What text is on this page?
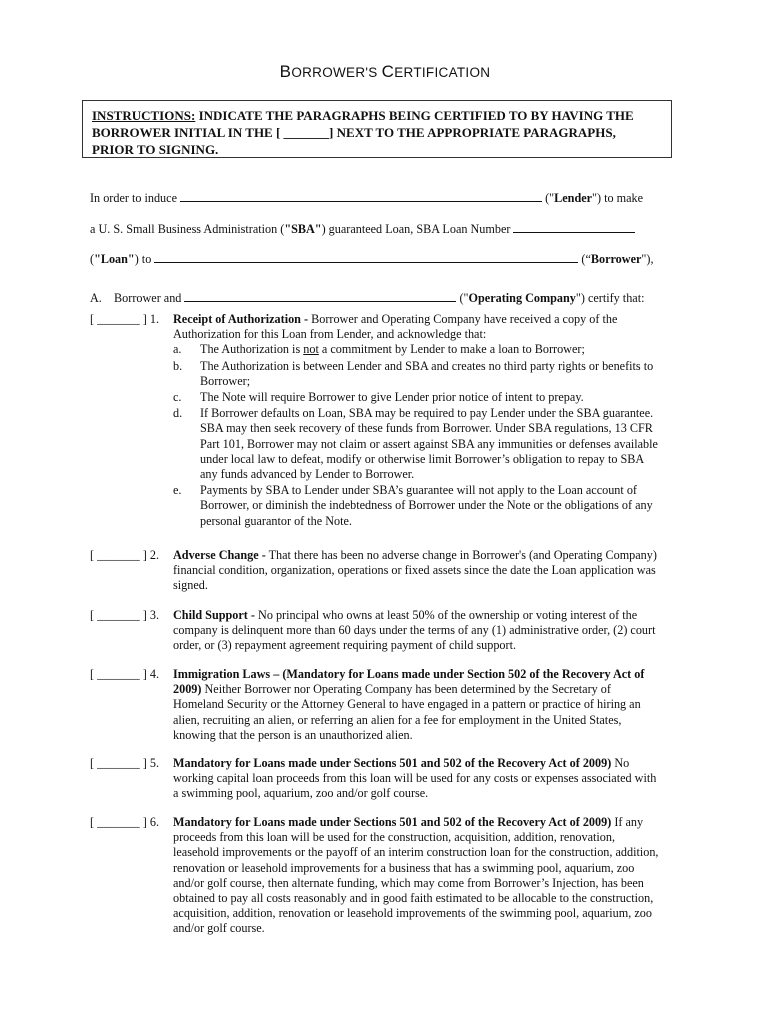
BORROWER'S CERTIFICATION
INSTRUCTIONS: INDICATE THE PARAGRAPHS BEING CERTIFIED TO BY HAVING THE
BORROWER INITIAL IN THE [ _______] NEXT TO THE APPROPRIATE PARAGRAPHS,
PRIOR TO SIGNING.
In order to induce	("Lender") to make
a U. S. Small Business Administration ("SBA") guaranteed Loan, SBA Loan Number
("Loan") to	(“Borrower"),
A. Borrower and	("Operating Company") certify that:
[ _______ ] 1. Receipt of Authorization - Borrower and Operating Company have received a copy of the
Authorization for this Loan from Lender, and acknowledge that:
a. The Authorization is not a commitment by Lender to make a loan to Borrower;
b. The Authorization is between Lender and SBA and creates no third party rights or benefits to
Borrower;
c. The Note will require Borrower to give Lender prior notice of intent to prepay.
d. If Borrower defaults on Loan, SBA may be required to pay Lender under the SBA guarantee.
SBA may then seek recovery of these funds from Borrower. Under SBA regulations, 13 CFR
Part 101, Borrower may not claim or assert against SBA any immunities or defenses available
under local law to defeat, modify or otherwise limit Borrower’s obligation to repay to SBA
any funds advanced by Lender to Borrower.
e. Payments by SBA to Lender under SBA’s guarantee will not apply to the Loan account of
Borrower, or diminish the indebtedness of Borrower under the Note or the obligations of any
personal guarantor of the Note.
[ _______ ] 2. Adverse Change - That there has been no adverse change in Borrower's (and Operating Company)
financial condition, organization, operations or fixed assets since the date the Loan application was
signed.
[ _______ ] 3. Child Support - No principal who owns at least 50% of the ownership or voting interest of the
company is delinquent more than 60 days under the terms of any (1) administrative order, (2) court
order, or (3) repayment agreement requiring payment of child support.
[ _______ ] 4. Immigration Laws – (Mandatory for Loans made under Section 502 of the Recovery Act of
2009) Neither Borrower nor Operating Company has been determined by the Secretary of
Homeland Security or the Attorney General to have engaged in a pattern or practice of hiring an
alien, recruiting an alien, or referring an alien for a fee for employment in the United States,
knowing that the person is an unauthorized alien.
[ _______ ] 5. Mandatory for Loans made under Sections 501 and 502 of the Recovery Act of 2009) No
working capital loan proceeds from this loan will be used for any costs or expenses associated with
a swimming pool, aquarium, zoo and/or golf course.
[ _______ ] 6. Mandatory for Loans made under Sections 501 and 502 of the Recovery Act of 2009) If any
proceeds from this loan will be used for the construction, acquisition, addition, renovation,
leasehold improvements or the payoff of an interim construction loan for the construction, addition,
renovation or leasehold improvements for a business that has a swimming pool, aquarium, zoo
and/or golf course, then alternate funding, which may come from Borrower’s Injection, has been
obtained to pay all costs reasonably and in good faith estimated to be allocable to the construction,
acquisition, addition, renovation or leasehold improvements of the swimming pool, aquarium, zoo
and/or golf course.
